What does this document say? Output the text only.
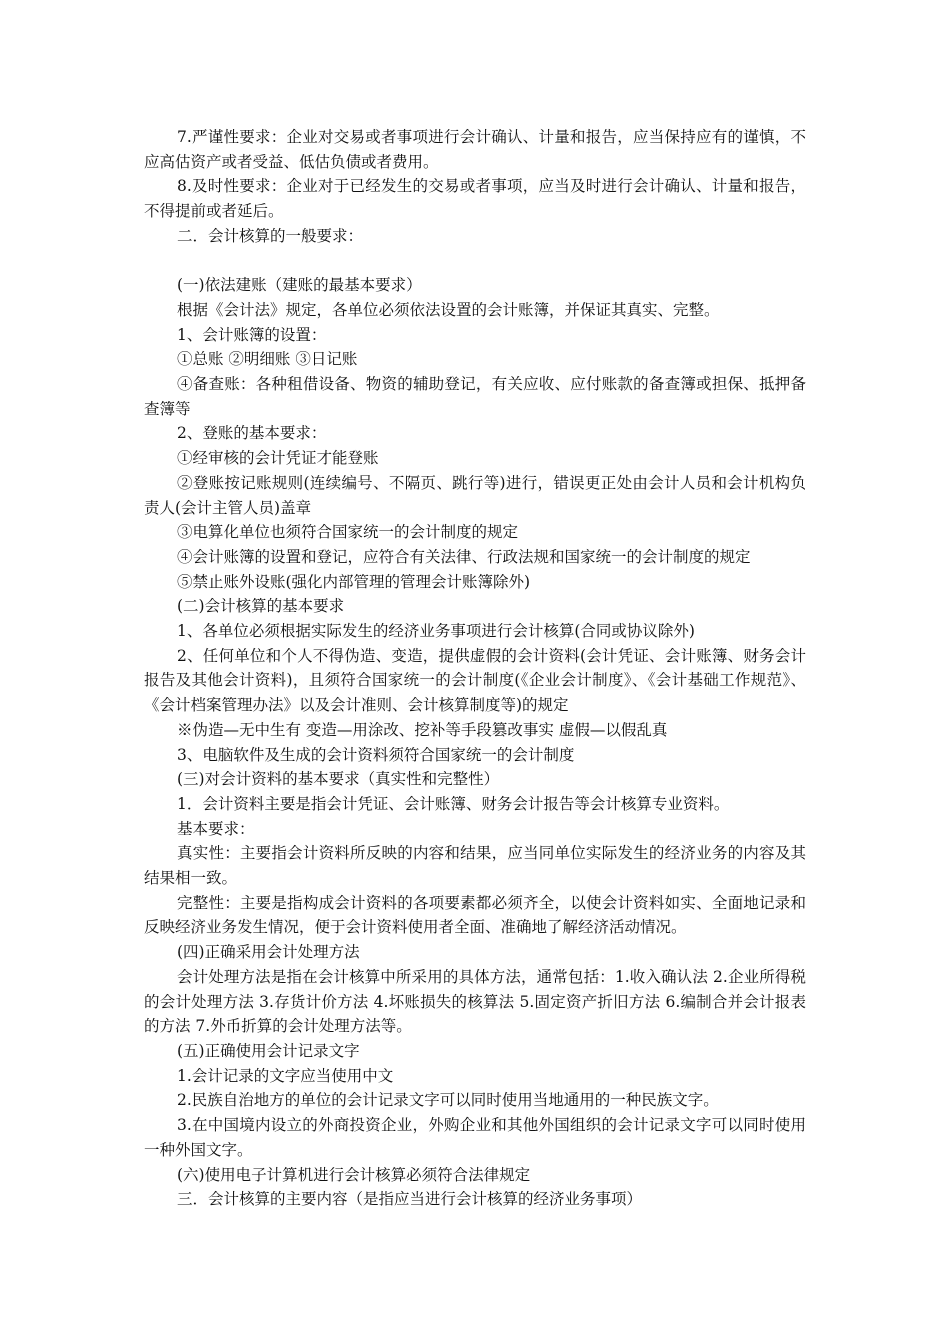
7.严谨性要求：企业对交易或者事项进行会计确认、计量和报告，应当保持应有的谨慎，不应高估资产或者受益、低估负债或者费用。

8.及时性要求：企业对于已经发生的交易或者事项，应当及时进行会计确认、计量和报告，不得提前或者延后。

二．会计核算的一般要求：

(一)依法建账（建账的最基本要求）

根据《会计法》规定，各单位必须依法设置的会计账簿，并保证其真实、完整。

1、会计账簿的设置：

①总账 ②明细账 ③日记账

④备查账：各种租借设备、物资的辅助登记，有关应收、应付账款的备查簿或担保、抵押备查簿等

2、登账的基本要求：

①经审核的会计凭证才能登账

②登账按记账规则(连续编号、不隔页、跳行等)进行，错误更正处由会计人员和会计机构负责人(会计主管人员)盖章

③电算化单位也须符合国家统一的会计制度的规定

④会计账簿的设置和登记，应符合有关法律、行政法规和国家统一的会计制度的规定

⑤禁止账外设账(强化内部管理的管理会计账簿除外)

(二)会计核算的基本要求

1、各单位必须根据实际发生的经济业务事项进行会计核算(合同或协议除外)

2、任何单位和个人不得伪造、变造，提供虚假的会计资料(会计凭证、会计账簿、财务会计报告及其他会计资料)，且须符合国家统一的会计制度(《企业会计制度》、《会计基础工作规范》、《会计档案管理办法》以及会计准则、会计核算制度等)的规定

※伪造—无中生有 变造—用涂改、挖补等手段篡改事实 虚假—以假乱真

3、电脑软件及生成的会计资料须符合国家统一的会计制度

(三)对会计资料的基本要求（真实性和完整性）

1．会计资料主要是指会计凭证、会计账簿、财务会计报告等会计核算专业资料。

基本要求：

真实性：主要指会计资料所反映的内容和结果，应当同单位实际发生的经济业务的内容及其结果相一致。

完整性：主要是指构成会计资料的各项要素都必须齐全，以使会计资料如实、全面地记录和反映经济业务发生情况，便于会计资料使用者全面、准确地了解经济活动情况。

(四)正确采用会计处理方法

会计处理方法是指在会计核算中所采用的具体方法，通常包括：1.收入确认法 2.企业所得税的会计处理方法 3.存货计价方法 4.坏账损失的核算法 5.固定资产折旧方法 6.编制合并会计报表的方法 7.外币折算的会计处理方法等。

(五)正确使用会计记录文字

1.会计记录的文字应当使用中文

2.民族自治地方的单位的会计记录文字可以同时使用当地通用的一种民族文字。

3.在中国境内设立的外商投资企业，外购企业和其他外国组织的会计记录文字可以同时使用一种外国文字。

(六)使用电子计算机进行会计核算必须符合法律规定

三．会计核算的主要内容（是指应当进行会计核算的经济业务事项）
